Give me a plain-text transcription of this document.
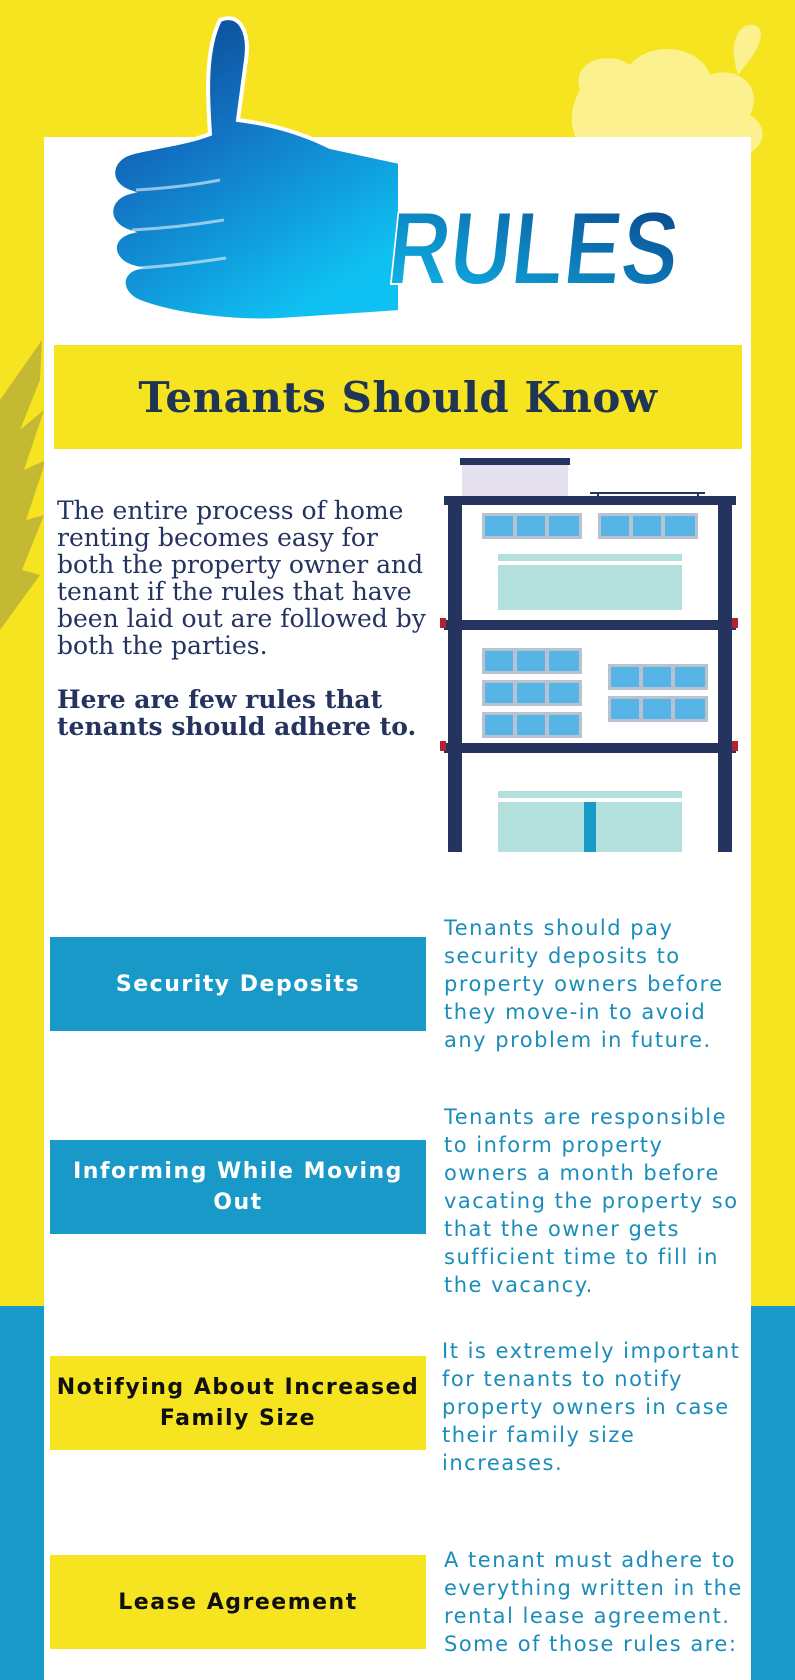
RULES
Tenants Should Know

The entire process of home renting becomes easy for both the property owner and tenant if the rules that have been laid out are followed by both the parties.

Here are few rules that tenants should adhere to.

Security Deposits
Tenants should pay security deposits to property owners before they move-in to avoid any problem in future.
Informing While Moving Out
Tenants are responsible to inform property owners a month before vacating the property so that the owner gets sufficient time to fill in the vacancy.
Notifying About Increased Family Size
It is extremely important for tenants to notify property owners in case their family size increases.
Lease Agreement
A tenant must adhere to everything written in the rental lease agreement. Some of those rules are:
